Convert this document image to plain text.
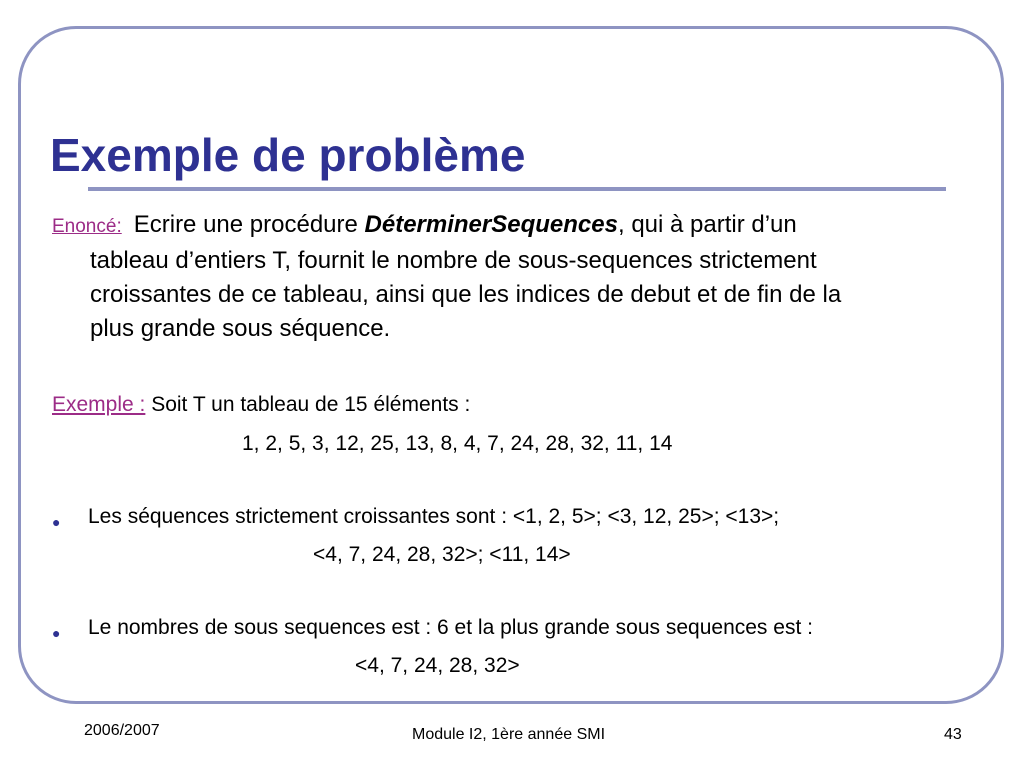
Exemple de problème
Enoncé: Ecrire une procédure DéterminerSequences, qui à partir d’un
tableau d’entiers T, fournit le nombre de sous-sequences strictement
croissantes de ce tableau, ainsi que les indices de debut et de fin de la
plus grande sous séquence.
Exemple : Soit T un tableau de 15 éléments :
1, 2, 5, 3, 12, 25, 13, 8, 4, 7, 24, 28, 32, 11, 14
● Les séquences strictement croissantes sont : <1, 2, 5>; <3, 12, 25>; <13>;
<4, 7, 24, 28, 32>; <11, 14>
● Le nombres de sous sequences est : 6 et la plus grande sous sequences est :
<4, 7, 24, 28, 32>
2006/2007	Module I2, 1ère année SMI	43
